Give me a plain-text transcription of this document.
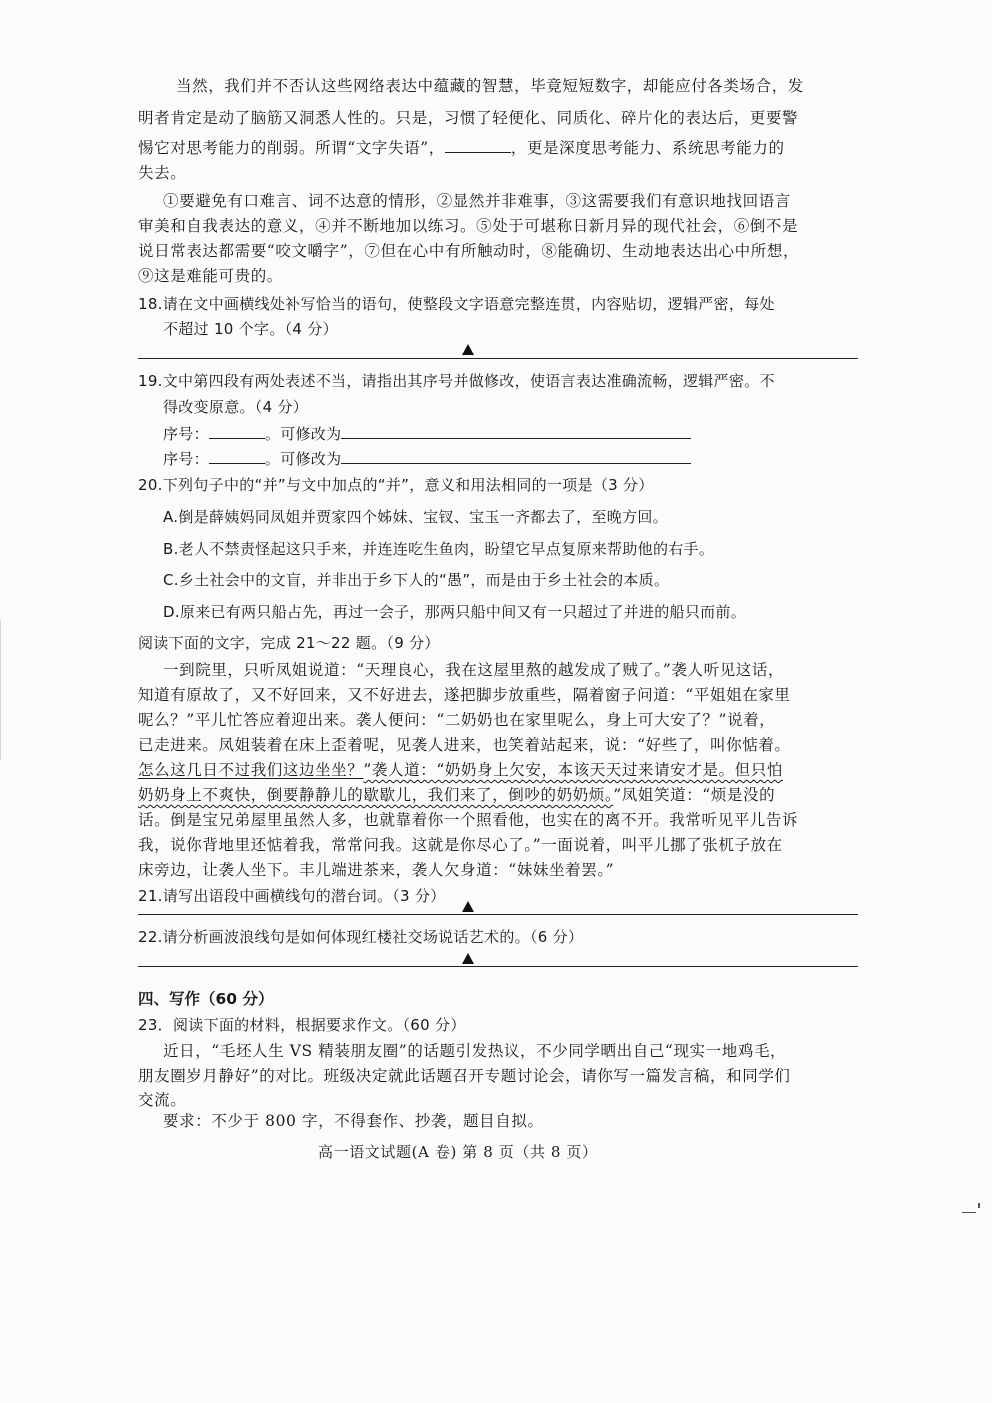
当然，我们并不否认这些网络表达中蕴藏的智慧，毕竟短短数字，却能应付各类场合，发
明者肯定是动了脑筋又洞悉人性的。只是，习惯了轻便化、同质化、碎片化的表达后，更要警
惕它对思考能力的削弱。所谓“文字失语”，	，更是深度思考能力、系统思考能力的
失去。
①要避免有口难言、词不达意的情形，②显然并非难事，③这需要我们有意识地找回语言
审美和自我表达的意义，④并不断地加以练习。⑤处于可堪称日新月异的现代社会，⑥倒不是
说日常表达都需要“咬文嚼字”，⑦但在心中有所触动时，⑧能确切、生动地表达出心中所想，
⑨这是难能可贵的。
18.请在文中画横线处补写恰当的语句，使整段文字语意完整连贯，内容贴切，逻辑严密，每处
不超过 10 个字。（4 分）
19.文中第四段有两处表述不当，请指出其序号并做修改，使语言表达准确流畅，逻辑严密。不
得改变原意。（4 分）
序号：	。可修改为
序号：	。可修改为
20.下列句子中的“并”与文中加点的“并”，意义和用法相同的一项是（3 分）
A.倒是薛姨妈同凤姐并贾家四个姊妹、宝钗、宝玉一齐都去了，至晚方回。
B.老人不禁责怪起这只手来，并连连吃生鱼肉，盼望它早点复原来帮助他的右手。
C.乡土社会中的文盲，并非出于乡下人的“愚”，而是由于乡土社会的本质。
D.原来已有两只船占先，再过一会子，那两只船中间又有一只超过了并进的船只而前。
阅读下面的文字，完成 21～22 题。（9 分）
一到院里，只听凤姐说道：“天理良心，我在这屋里熬的越发成了贼了。”袭人听见这话，
知道有原故了，又不好回来，又不好进去，遂把脚步放重些，隔着窗子问道：“平姐姐在家里
呢么？”平儿忙答应着迎出来。袭人便问：“二奶奶也在家里呢么，身上可大安了？”说着，
已走进来。凤姐装着在床上歪着呢，见袭人进来，也笑着站起来，说：“好些了，叫你惦着。
怎么这几日不过我们这边坐坐？”袭人道：“奶奶身上欠安，本该天天过来请安才是。但只怕
奶奶身上不爽快，倒要静静儿的歇歇儿，我们来了，倒吵的奶奶烦。”凤姐笑道：“烦是没的
话。倒是宝兄弟屋里虽然人多，也就靠着你一个照看他，也实在的离不开。我常听见平儿告诉
我，说你背地里还惦着我，常常问我。这就是你尽心了。”一面说着，叫平儿挪了张杌子放在
床旁边，让袭人坐下。丰儿端进茶来，袭人欠身道：“妹妹坐着罢。”
21.请写出语段中画横线句的潜台词。（3 分）
22.请分析画波浪线句是如何体现红楼社交场说话艺术的。（6 分）
四、写作（60 分）
23．阅读下面的材料，根据要求作文。（60 分）
近日，“毛坯人生 VS 精装朋友圈”的话题引发热议，不少同学晒出自己“现实一地鸡毛，
朋友圈岁月静好”的对比。班级决定就此话题召开专题讨论会，请你写一篇发言稿，和同学们
交流。
要求：不少于 800 字，不得套作、抄袭，题目自拟。
高一语文试题(A 卷) 第 8 页（共 8 页）
